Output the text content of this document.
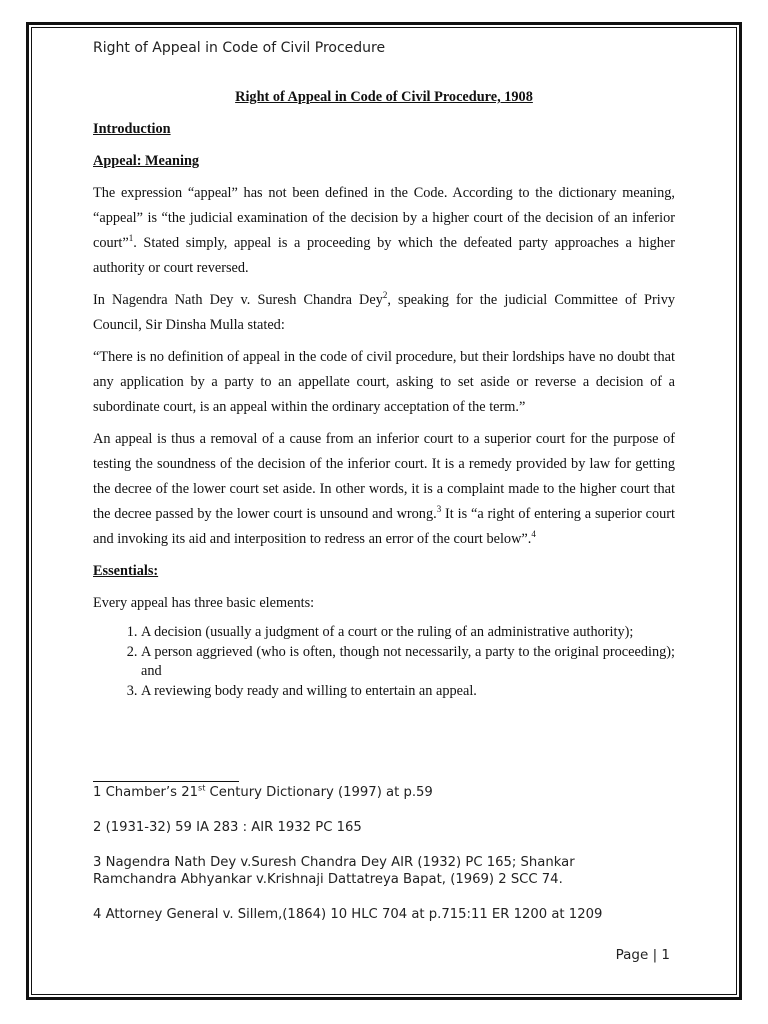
Right of Appeal in Code of Civil Procedure

Right of Appeal in Code of Civil Procedure, 1908

Introduction

Appeal: Meaning

The expression “appeal” has not been defined in the Code. According to the dictionary meaning, “appeal” is “the judicial examination of the decision by a higher court of the decision of an inferior court”$^1$. Stated simply, appeal is a proceeding by which the defeated party approaches a higher authority or court reversed.

In Nagendra Nath Dey v. Suresh Chandra Dey$^2$, speaking for the judicial Committee of Privy Council, Sir Dinsha Mulla stated:

“There is no definition of appeal in the code of civil procedure, but their lordships have no doubt that any application by a party to an appellate court, asking to set aside or reverse a decision of a subordinate court, is an appeal within the ordinary acceptation of the term.”

An appeal is thus a removal of a cause from an inferior court to a superior court for the purpose of testing the soundness of the decision of the inferior court. It is a remedy provided by law for getting the decree of the lower court set aside. In other words, it is a complaint made to the higher court that the decree passed by the lower court is unsound and wrong.$^3$ It is “a right of entering a superior court and invoking its aid and interposition to redress an error of the court below”.$^4$

Essentials:

Every appeal has three basic elements:

1. A decision (usually a judgment of a court or the ruling of an administrative authority);
2. A person aggrieved (who is often, though not necessarily, a party to the original proceeding); and
3. A reviewing body ready and willing to entertain an appeal.
1 Chamber’s 21st Century Dictionary (1997) at p.59
2 (1931-32) 59 IA 283 : AIR 1932 PC 165
3 Nagendra Nath Dey v.Suresh Chandra Dey AIR (1932) PC 165; Shankar Ramchandra Abhyankar v.Krishnaji Dattatreya Bapat, (1969) 2 SCC 74.
4 Attorney General v. Sillem,(1864) 10 HLC 704 at p.715:11 ER 1200 at 1209
Page | 1
